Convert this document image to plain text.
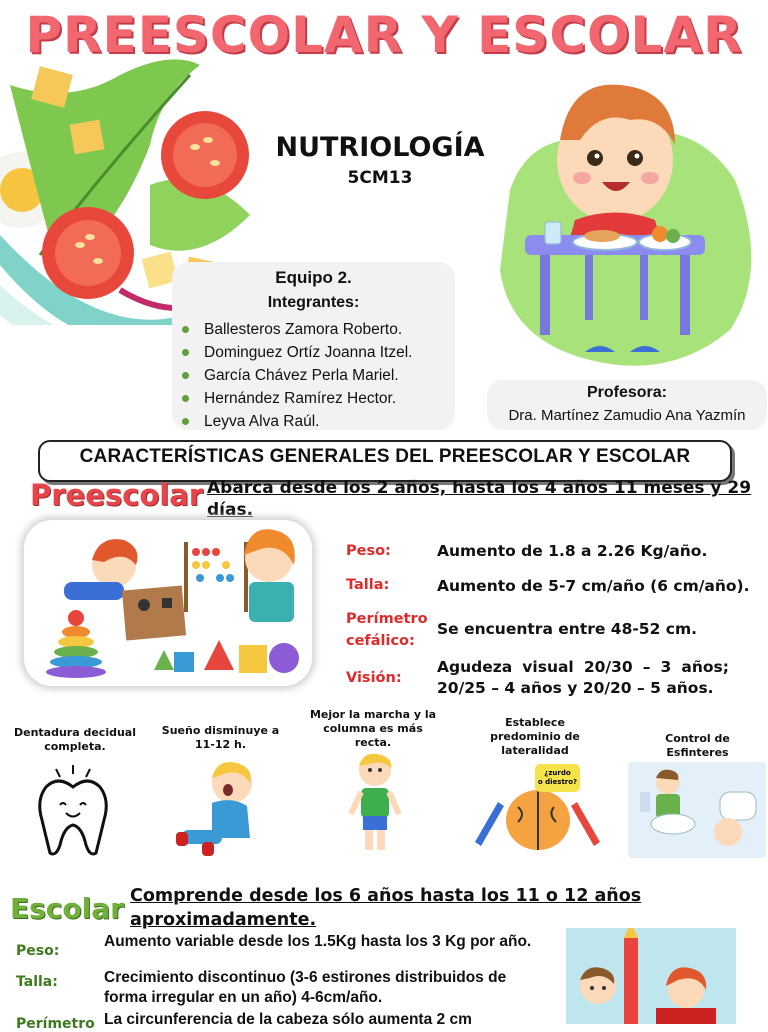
PREESCOLAR Y ESCOLAR
NUTRIOLOGÍA
5CM13
Equipo 2.
Integrantes:
Ballesteros Zamora Roberto.
Dominguez Ortíz Joanna Itzel.
García Chávez Perla Mariel.
Hernández Ramírez Hector.
Leyva Alva Raúl.
Profesora:
Dra. Martínez Zamudio Ana Yazmín
CARACTERÍSTICAS GENERALES DEL PREESCOLAR Y ESCOLAR
Preescolar Abarca desde los 2 años, hasta los 4 años 11 meses y 29 días.
Peso:	Aumento de 1.8 a 2.26 Kg/año.
Talla:	Aumento de 5-7 cm/año (6 cm/año).
Perímetro cefálico:
Se encuentra entre 48-52 cm.
Visión:
Agudeza visual 20/30 – 3 años; 20/25 – 4 años y 20/20 – 5 años.
Dentadura decidual completa.
Sueño disminuye a 11-12 h.
Mejor la marcha y la columna es más recta.
Establece predominio de lateralidad
Control de Esfinteres
¿zurdo o diestro?
Escolar Comprende desde los 6 años hasta los 11 o 12 años aproximadamente.
Peso:
Aumento variable desde los 1.5Kg hasta los 3 Kg por año.
Talla:	Crecimiento discontinuo (3-6 estirones distribuidos de forma irregular en un año) 4-6cm/año.
Perímetro La circunferencia de la cabeza sólo aumenta 2 cm
